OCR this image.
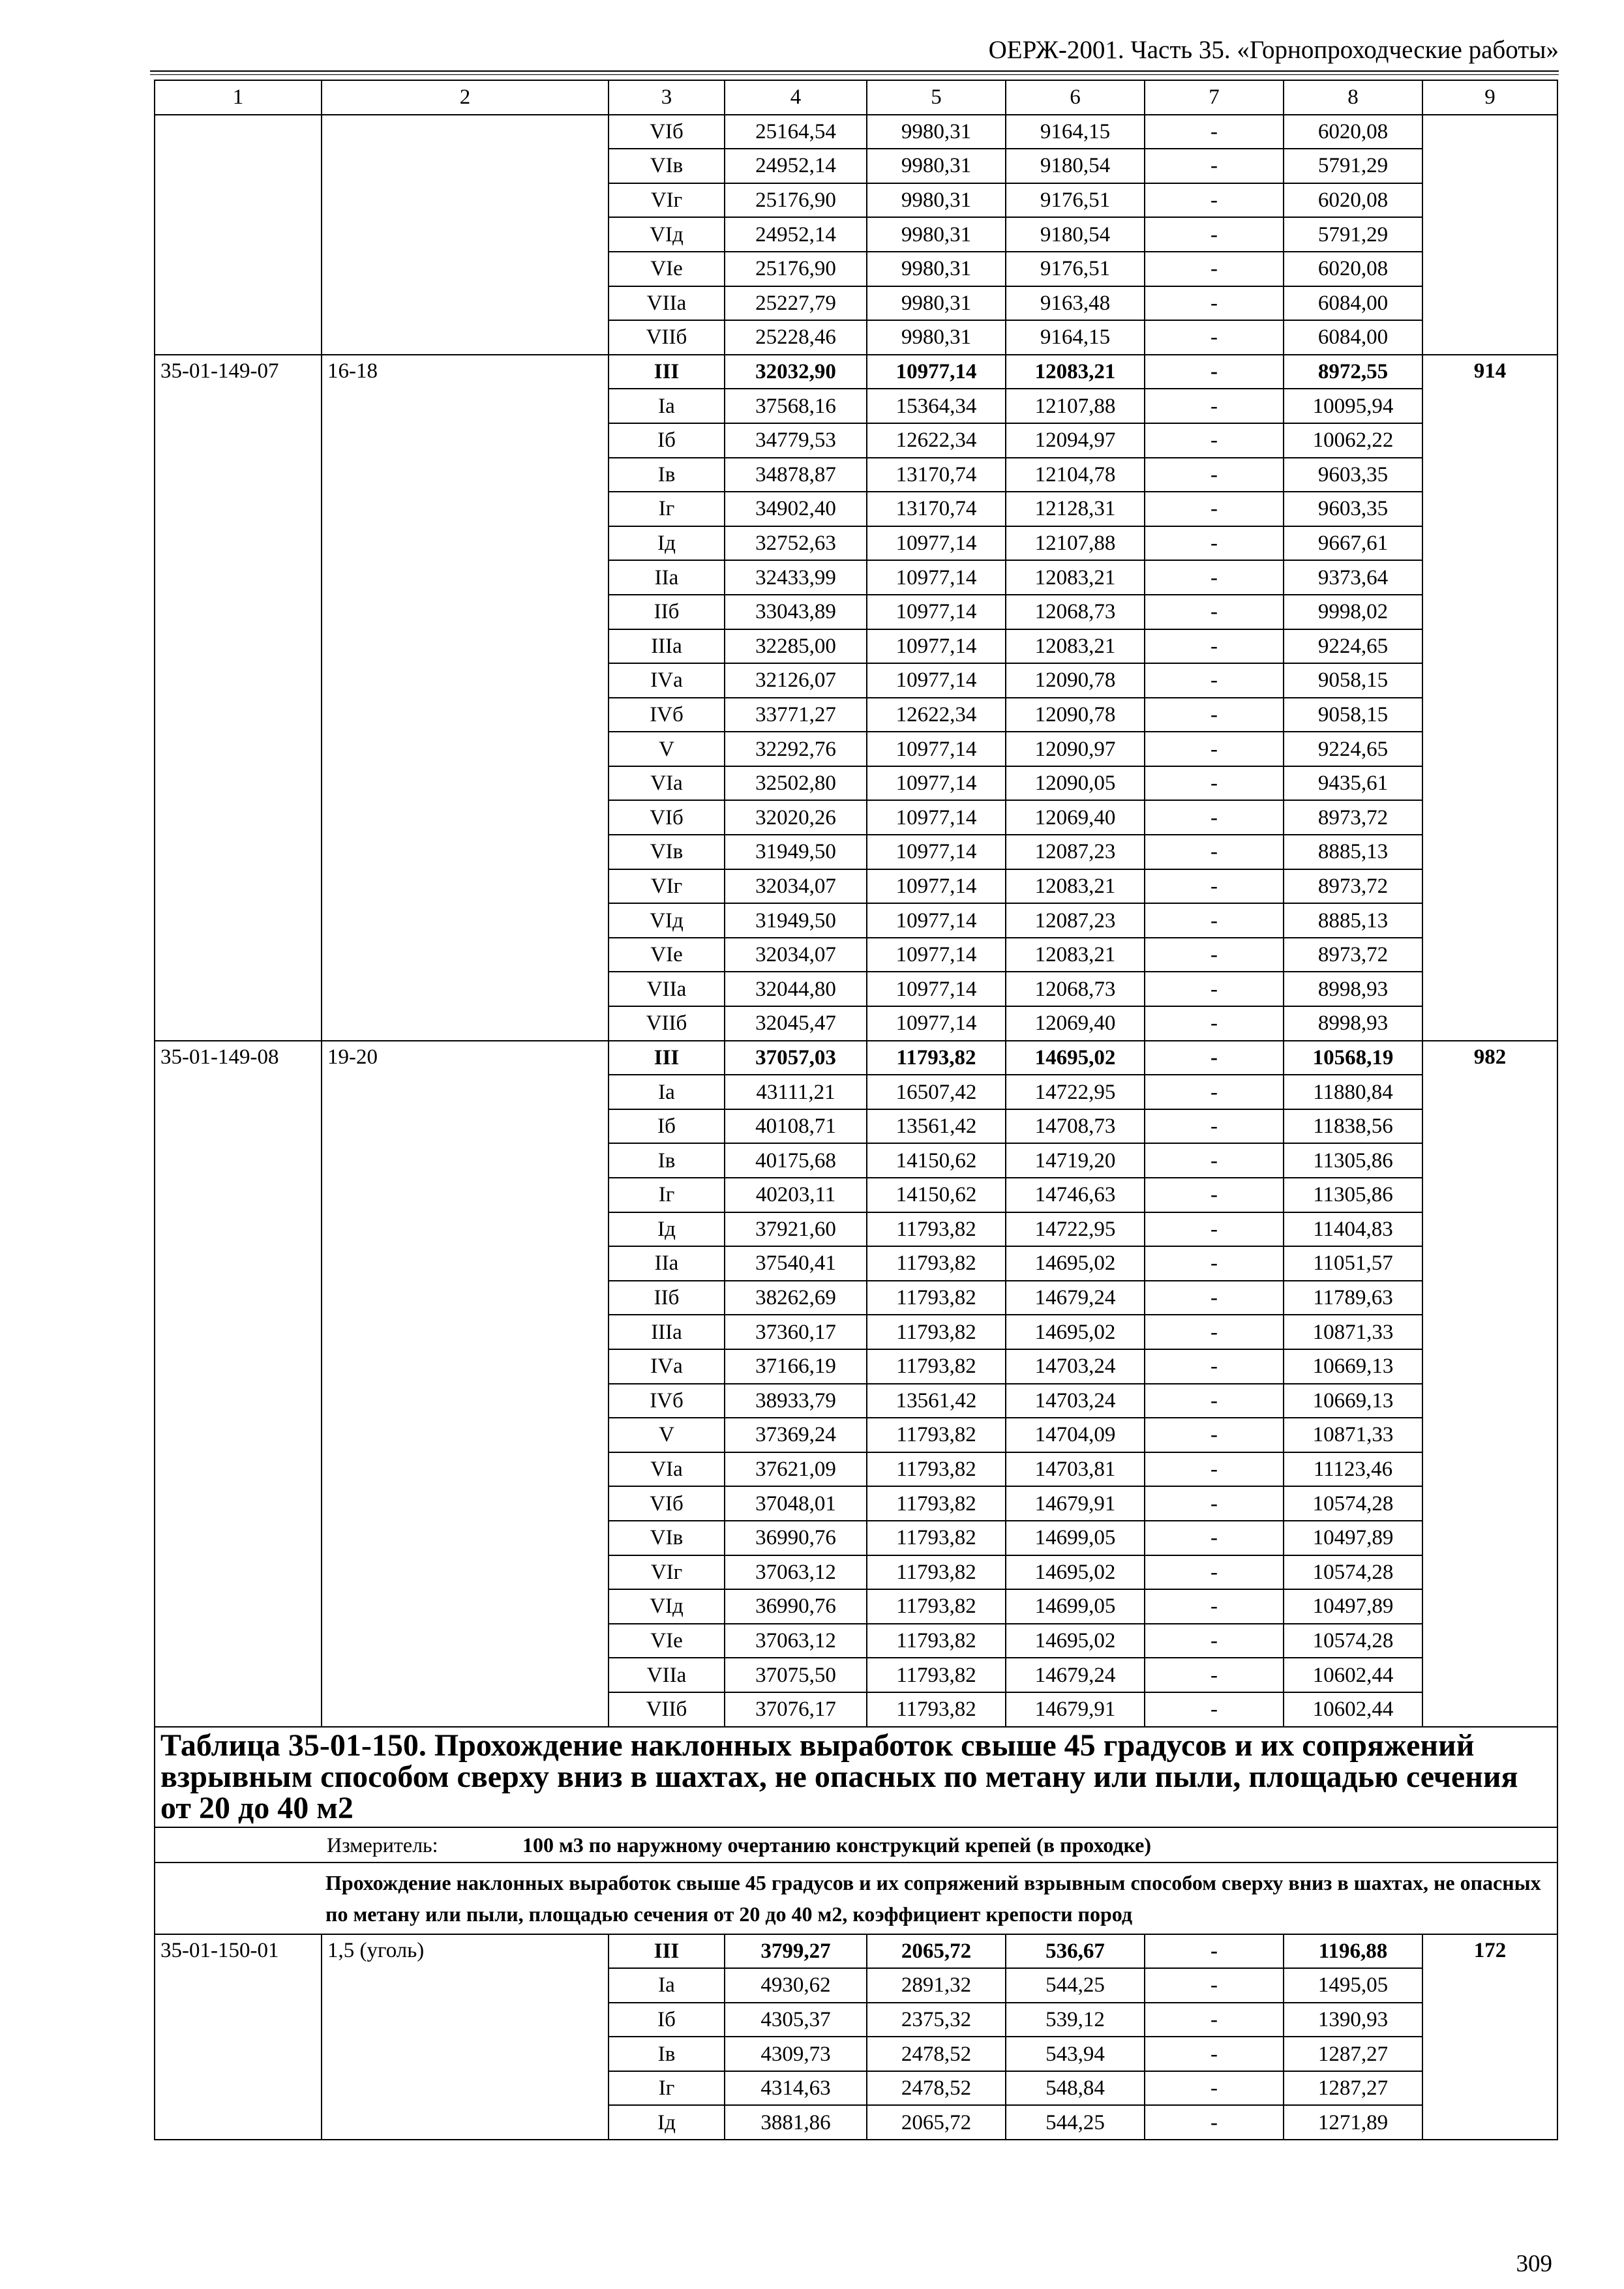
ОЕРЖ-2001. Часть 35. «Горнопроходческие работы»
1	2	3	4	5	6	7	8	9
		VIб	25164,54	9980,31	9164,15	-	6020,08	
		VIв	24952,14	9980,31	9180,54	-	5791,29	
		VIг	25176,90	9980,31	9176,51	-	6020,08	
		VIд	24952,14	9980,31	9180,54	-	5791,29	
		VIе	25176,90	9980,31	9176,51	-	6020,08	
		VIIа	25227,79	9980,31	9163,48	-	6084,00	
		VIIб	25228,46	9980,31	9164,15	-	6084,00	
35-01-149-07	16-18	III	32032,90	10977,14	12083,21	-	8972,55	914
		Iа	37568,16	15364,34	12107,88	-	10095,94	
		Iб	34779,53	12622,34	12094,97	-	10062,22	
		Iв	34878,87	13170,74	12104,78	-	9603,35	
		Iг	34902,40	13170,74	12128,31	-	9603,35	
		Iд	32752,63	10977,14	12107,88	-	9667,61	
		IIа	32433,99	10977,14	12083,21	-	9373,64	
		IIб	33043,89	10977,14	12068,73	-	9998,02	
		IIIа	32285,00	10977,14	12083,21	-	9224,65	
		IVа	32126,07	10977,14	12090,78	-	9058,15	
		IVб	33771,27	12622,34	12090,78	-	9058,15	
		V	32292,76	10977,14	12090,97	-	9224,65	
		VIа	32502,80	10977,14	12090,05	-	9435,61	
		VIб	32020,26	10977,14	12069,40	-	8973,72	
		VIв	31949,50	10977,14	12087,23	-	8885,13	
		VIг	32034,07	10977,14	12083,21	-	8973,72	
		VIд	31949,50	10977,14	12087,23	-	8885,13	
		VIе	32034,07	10977,14	12083,21	-	8973,72	
		VIIа	32044,80	10977,14	12068,73	-	8998,93	
		VIIб	32045,47	10977,14	12069,40	-	8998,93	
35-01-149-08	19-20	III	37057,03	11793,82	14695,02	-	10568,19	982
		Iа	43111,21	16507,42	14722,95	-	11880,84	
		Iб	40108,71	13561,42	14708,73	-	11838,56	
		Iв	40175,68	14150,62	14719,20	-	11305,86	
		Iг	40203,11	14150,62	14746,63	-	11305,86	
		Iд	37921,60	11793,82	14722,95	-	11404,83	
		IIа	37540,41	11793,82	14695,02	-	11051,57	
		IIб	38262,69	11793,82	14679,24	-	11789,63	
		IIIа	37360,17	11793,82	14695,02	-	10871,33	
		IVа	37166,19	11793,82	14703,24	-	10669,13	
		IVб	38933,79	13561,42	14703,24	-	10669,13	
		V	37369,24	11793,82	14704,09	-	10871,33	
		VIа	37621,09	11793,82	14703,81	-	11123,46	
		VIб	37048,01	11793,82	14679,91	-	10574,28	
		VIв	36990,76	11793,82	14699,05	-	10497,89	
		VIг	37063,12	11793,82	14695,02	-	10574,28	
		VIд	36990,76	11793,82	14699,05	-	10497,89	
		VIе	37063,12	11793,82	14695,02	-	10574,28	
		VIIа	37075,50	11793,82	14679,24	-	10602,44	
		VIIб	37076,17	11793,82	14679,91	-	10602,44	
Таблица 35-01-150. Прохождение наклонных выработок свыше 45 градусов и их сопряжений взрывным способом сверху вниз в шахтах, не опасных по метану или пыли, площадью сечения от 20 до 40 м2								
	Измеритель: 100 м3 по наружному очертанию конструкций крепей (в проходке)							
	Прохождение наклонных выработок свыше 45 градусов и их сопряжений взрывным способом сверху вниз в шахтах, не опасных по метану или пыли, площадью сечения от 20 до 40 м2, коэффициент крепости пород							
35-01-150-01	1,5 (уголь)	III	3799,27	2065,72	536,67	-	1196,88	172
		Iа	4930,62	2891,32	544,25	-	1495,05	
		Iб	4305,37	2375,32	539,12	-	1390,93	
		Iв	4309,73	2478,52	543,94	-	1287,27	
		Iг	4314,63	2478,52	548,84	-	1287,27	
		Iд	3881,86	2065,72	544,25	-	1271,89	
309
